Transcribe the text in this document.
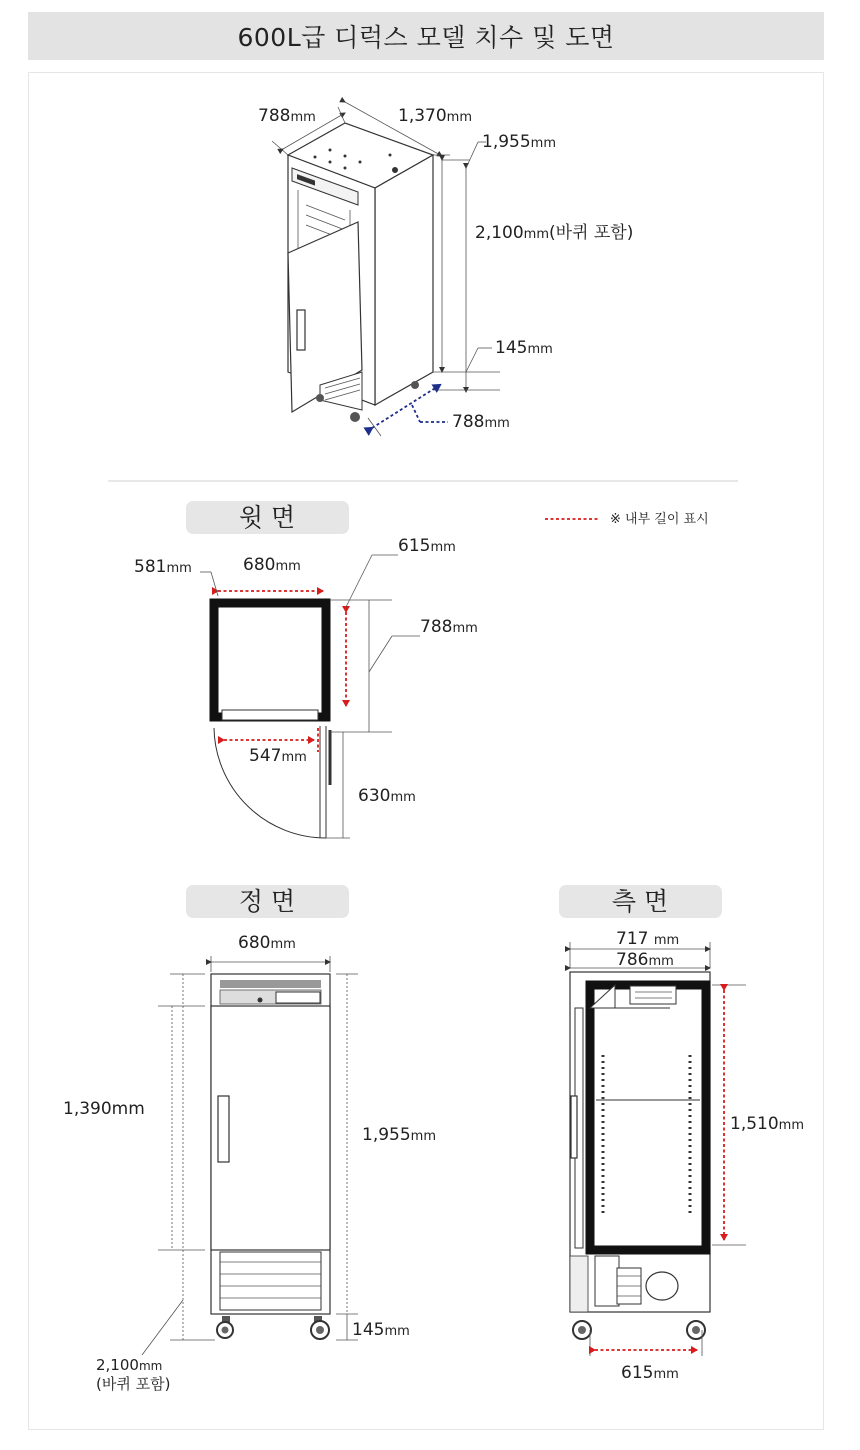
600L급 디럭스 모델 치수 및 도면
788mm	1,370mm
1,955mm
2,100mm(바퀴 포함)
145mm
788mm
윗 면	※ 내부 길이 표시
581mm	680mm
615mm
788mm
547mm
630mm
정 면
680mm
1,390mm
1,955mm
145mm
2,100mm
(바퀴 포함)
측 면
717 mm
786mm
1,510mm
615mm
